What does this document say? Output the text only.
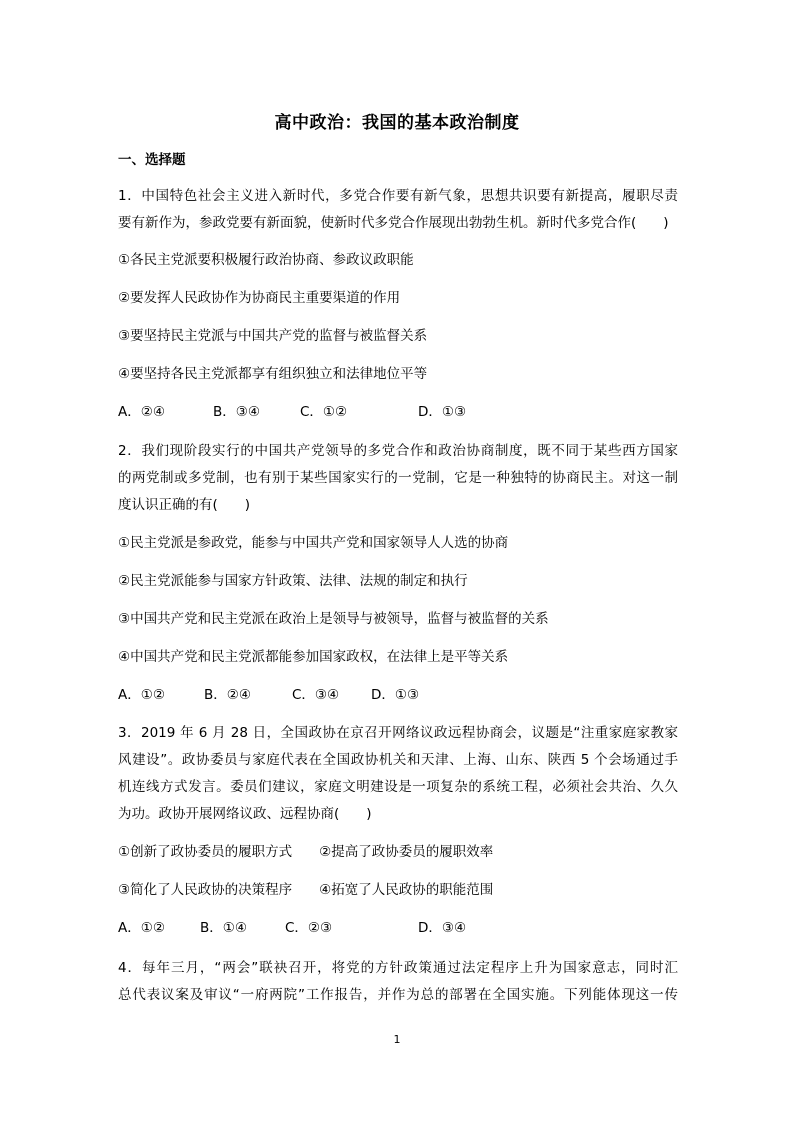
高中政治：我国的基本政治制度
一、选择题
1．中国特色社会主义进入新时代，多党合作要有新气象，思想共识要有新提高，履职尽责
要有新作为，参政党要有新面貌，使新时代多党合作展现出勃勃生机。新时代多党合作(　　)
①各民主党派要积极履行政治协商、参政议政职能
②要发挥人民政协作为协商民主重要渠道的作用
③要坚持民主党派与中国共产党的监督与被监督关系
④要坚持各民主党派都享有组织独立和法律地位平等
A．②④	B．③④	C．①②	D．①③
2．我们现阶段实行的中国共产党领导的多党合作和政治协商制度，既不同于某些西方国家
的两党制或多党制，也有别于某些国家实行的一党制，它是一种独特的协商民主。对这一制
度认识正确的有(　　)
①民主党派是参政党，能参与中国共产党和国家领导人人选的协商
②民主党派能参与国家方针政策、法律、法规的制定和执行
③中国共产党和民主党派在政治上是领导与被领导，监督与被监督的关系
④中国共产党和民主党派都能参加国家政权，在法律上是平等关系
A．①②	B．②④	C．③④ D．①③
3．2019 年 6 月 28 日，全国政协在京召开网络议政远程协商会，议题是“注重家庭家教家
风建设”。政协委员与家庭代表在全国政协机关和天津、上海、山东、陕西 5 个会场通过手
机连线方式发言。委员们建议，家庭文明建设是一项复杂的系统工程，必须社会共治、久久
为功。政协开展网络议政、远程协商(　　)
①创新了政协委员的履职方式　　②提高了政协委员的履职效率
③简化了人民政协的决策程序　　④拓宽了人民政协的职能范围
A．①②	B．①④	C．②③	D．③④
4．每年三月，“两会”联袂召开，将党的方针政策通过法定程序上升为国家意志，同时汇
总代表议案及审议“一府两院”工作报告，并作为总的部署在全国实施。下列能体现这一传
1
